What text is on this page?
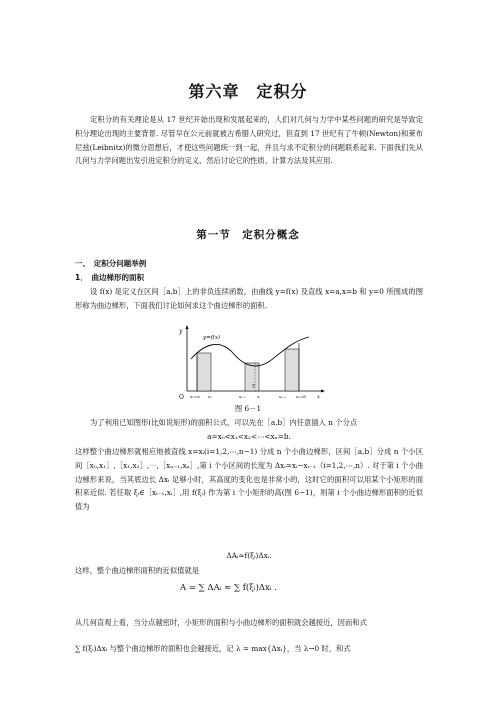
第六章　定积分
定积分的有关理论是从 17 世纪开始出现和发展起来的，人们对几何与力学中某些问题的研究是导致定积分理论出现的主要背景. 尽管早在公元前就被古希腊人研究过，但直到 17 世纪有了牛顿(Newton)和莱布尼兹(Leibnitz)的微分思想后，才使这些问题统一到一起，并且与求不定积分的问题联系起来. 下面我们先从几何与力学问题出发引进定积分的定义，然后讨论它的性质、计算方法及其应用.
第一节　定积分概念
一、　定积分问题举例
1．　曲边梯形的面积
设 f(x) 是定义在区间［a,b］上的非负连续函数，由曲线 y=f(x) 及直线 x=a,x=b 和 y=0 所围成的图形称为曲边梯形，下面我们讨论如何求这个曲边梯形的面积.
y
y=f(x)
O x₀=a x₁	xᵢ₋₁
ξᵢ
xᵢ	xₙ₋₁ xₙ=b x
图 6－1
为了利用已知图形(比如说矩形)的面积公式，可以先在［a,b］内任意插入 n 个分点
a=x₀<x₁<x₂<⋯<xₙ=b.
这样整个曲边梯形就相应地被直线 x=xᵢ(i=1,2,⋯,n−1) 分成 n 个小曲边梯形，区间［a,b］分成 n 个小区间［x₀,x₁］,［x₁,x₂］,⋯,［xₙ₋₁,xₙ］,第 i 个小区间的长度为 Δxᵢ=xᵢ−xᵢ₋₁（i=1,2,⋯,n）. 对于第 i 个小曲边梯形来说，当其底边长 Δxᵢ 足够小时，其高度的变化也是非常小的，这时它的面积可以用某个小矩形的面积来近似. 若任取 ξᵢ∈［xᵢ₋₁,xᵢ］,用 f(ξᵢ) 作为第 i 个小矩形的高(图 6−1)，则第 i 个小曲边梯形面积的近似值为
ΔAᵢ≈f(ξᵢ)Δxᵢ.
这样，整个曲边梯形面积的近似值就是
A = ∑ ΔAᵢ ≈ ∑ f(ξᵢ)Δxᵢ .
从几何直观上看，当分点越密时，小矩形的面积与小曲边梯形的面积就会越接近，因而和式
∑ f(ξᵢ)Δxᵢ 与整个曲边梯形的面积也会越接近，记 λ = max{Δxᵢ}，当 λ→0 时，和式
